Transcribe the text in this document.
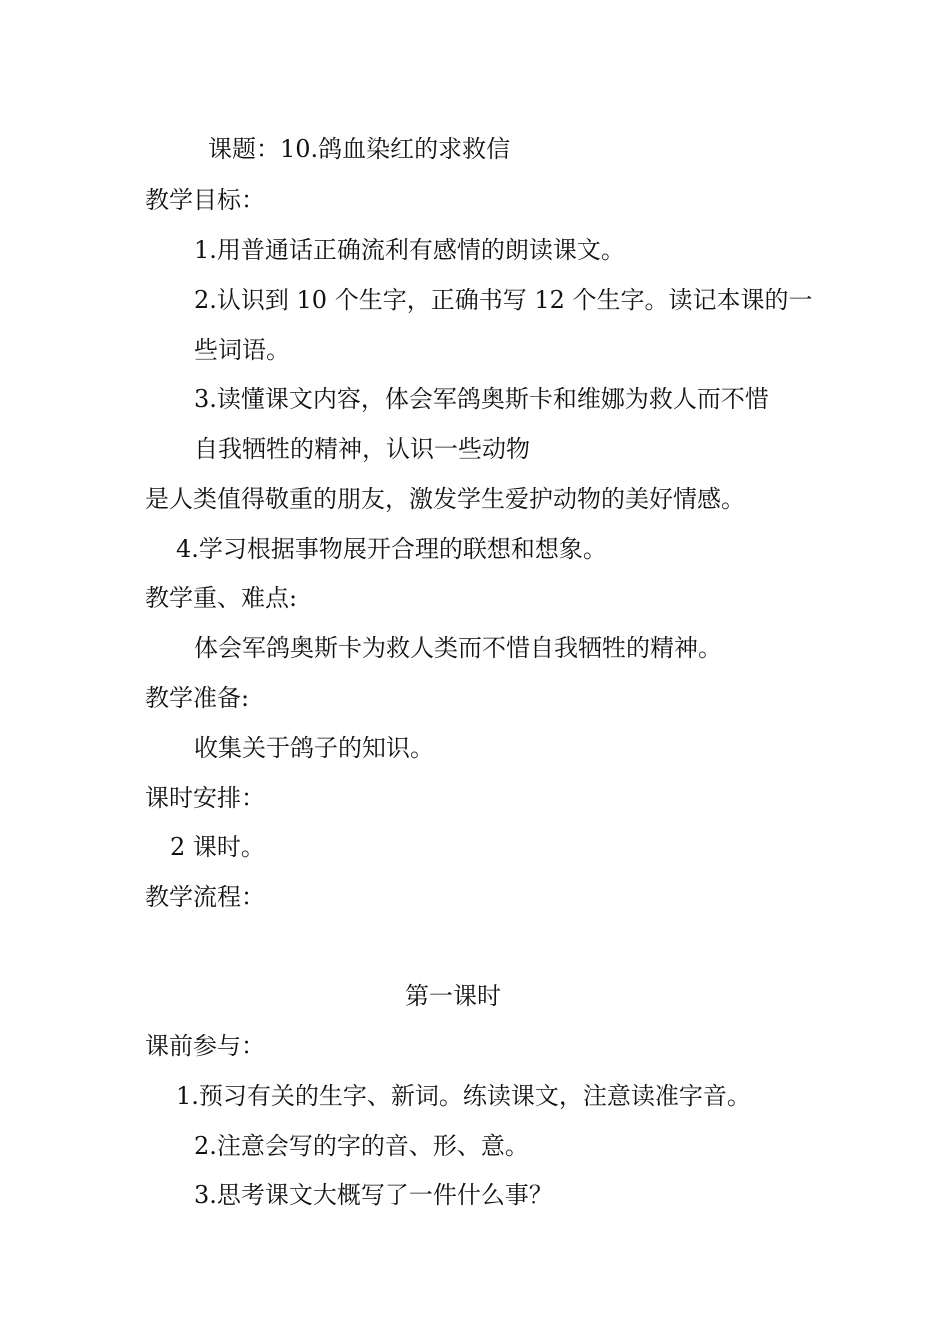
课题：10.鸽血染红的求救信
教学目标：
1.用普通话正确流利有感情的朗读课文。
2.认识到 10 个生字，正确书写 12 个生字。读记本课的一
些词语。
3.读懂课文内容，体会军鸽奥斯卡和维娜为救人而不惜
自我牺牲的精神，认识一些动物
是人类值得敬重的朋友，激发学生爱护动物的美好情感。
4.学习根据事物展开合理的联想和想象。
教学重、难点:
体会军鸽奥斯卡为救人类而不惜自我牺牲的精神。
教学准备:
收集关于鸽子的知识。
课时安排：
2 课时。
教学流程：
第一课时
课前参与：
1.预习有关的生字、新词。练读课文，注意读准字音。
2.注意会写的字的音、形、意。
3.思考课文大概写了一件什么事？
